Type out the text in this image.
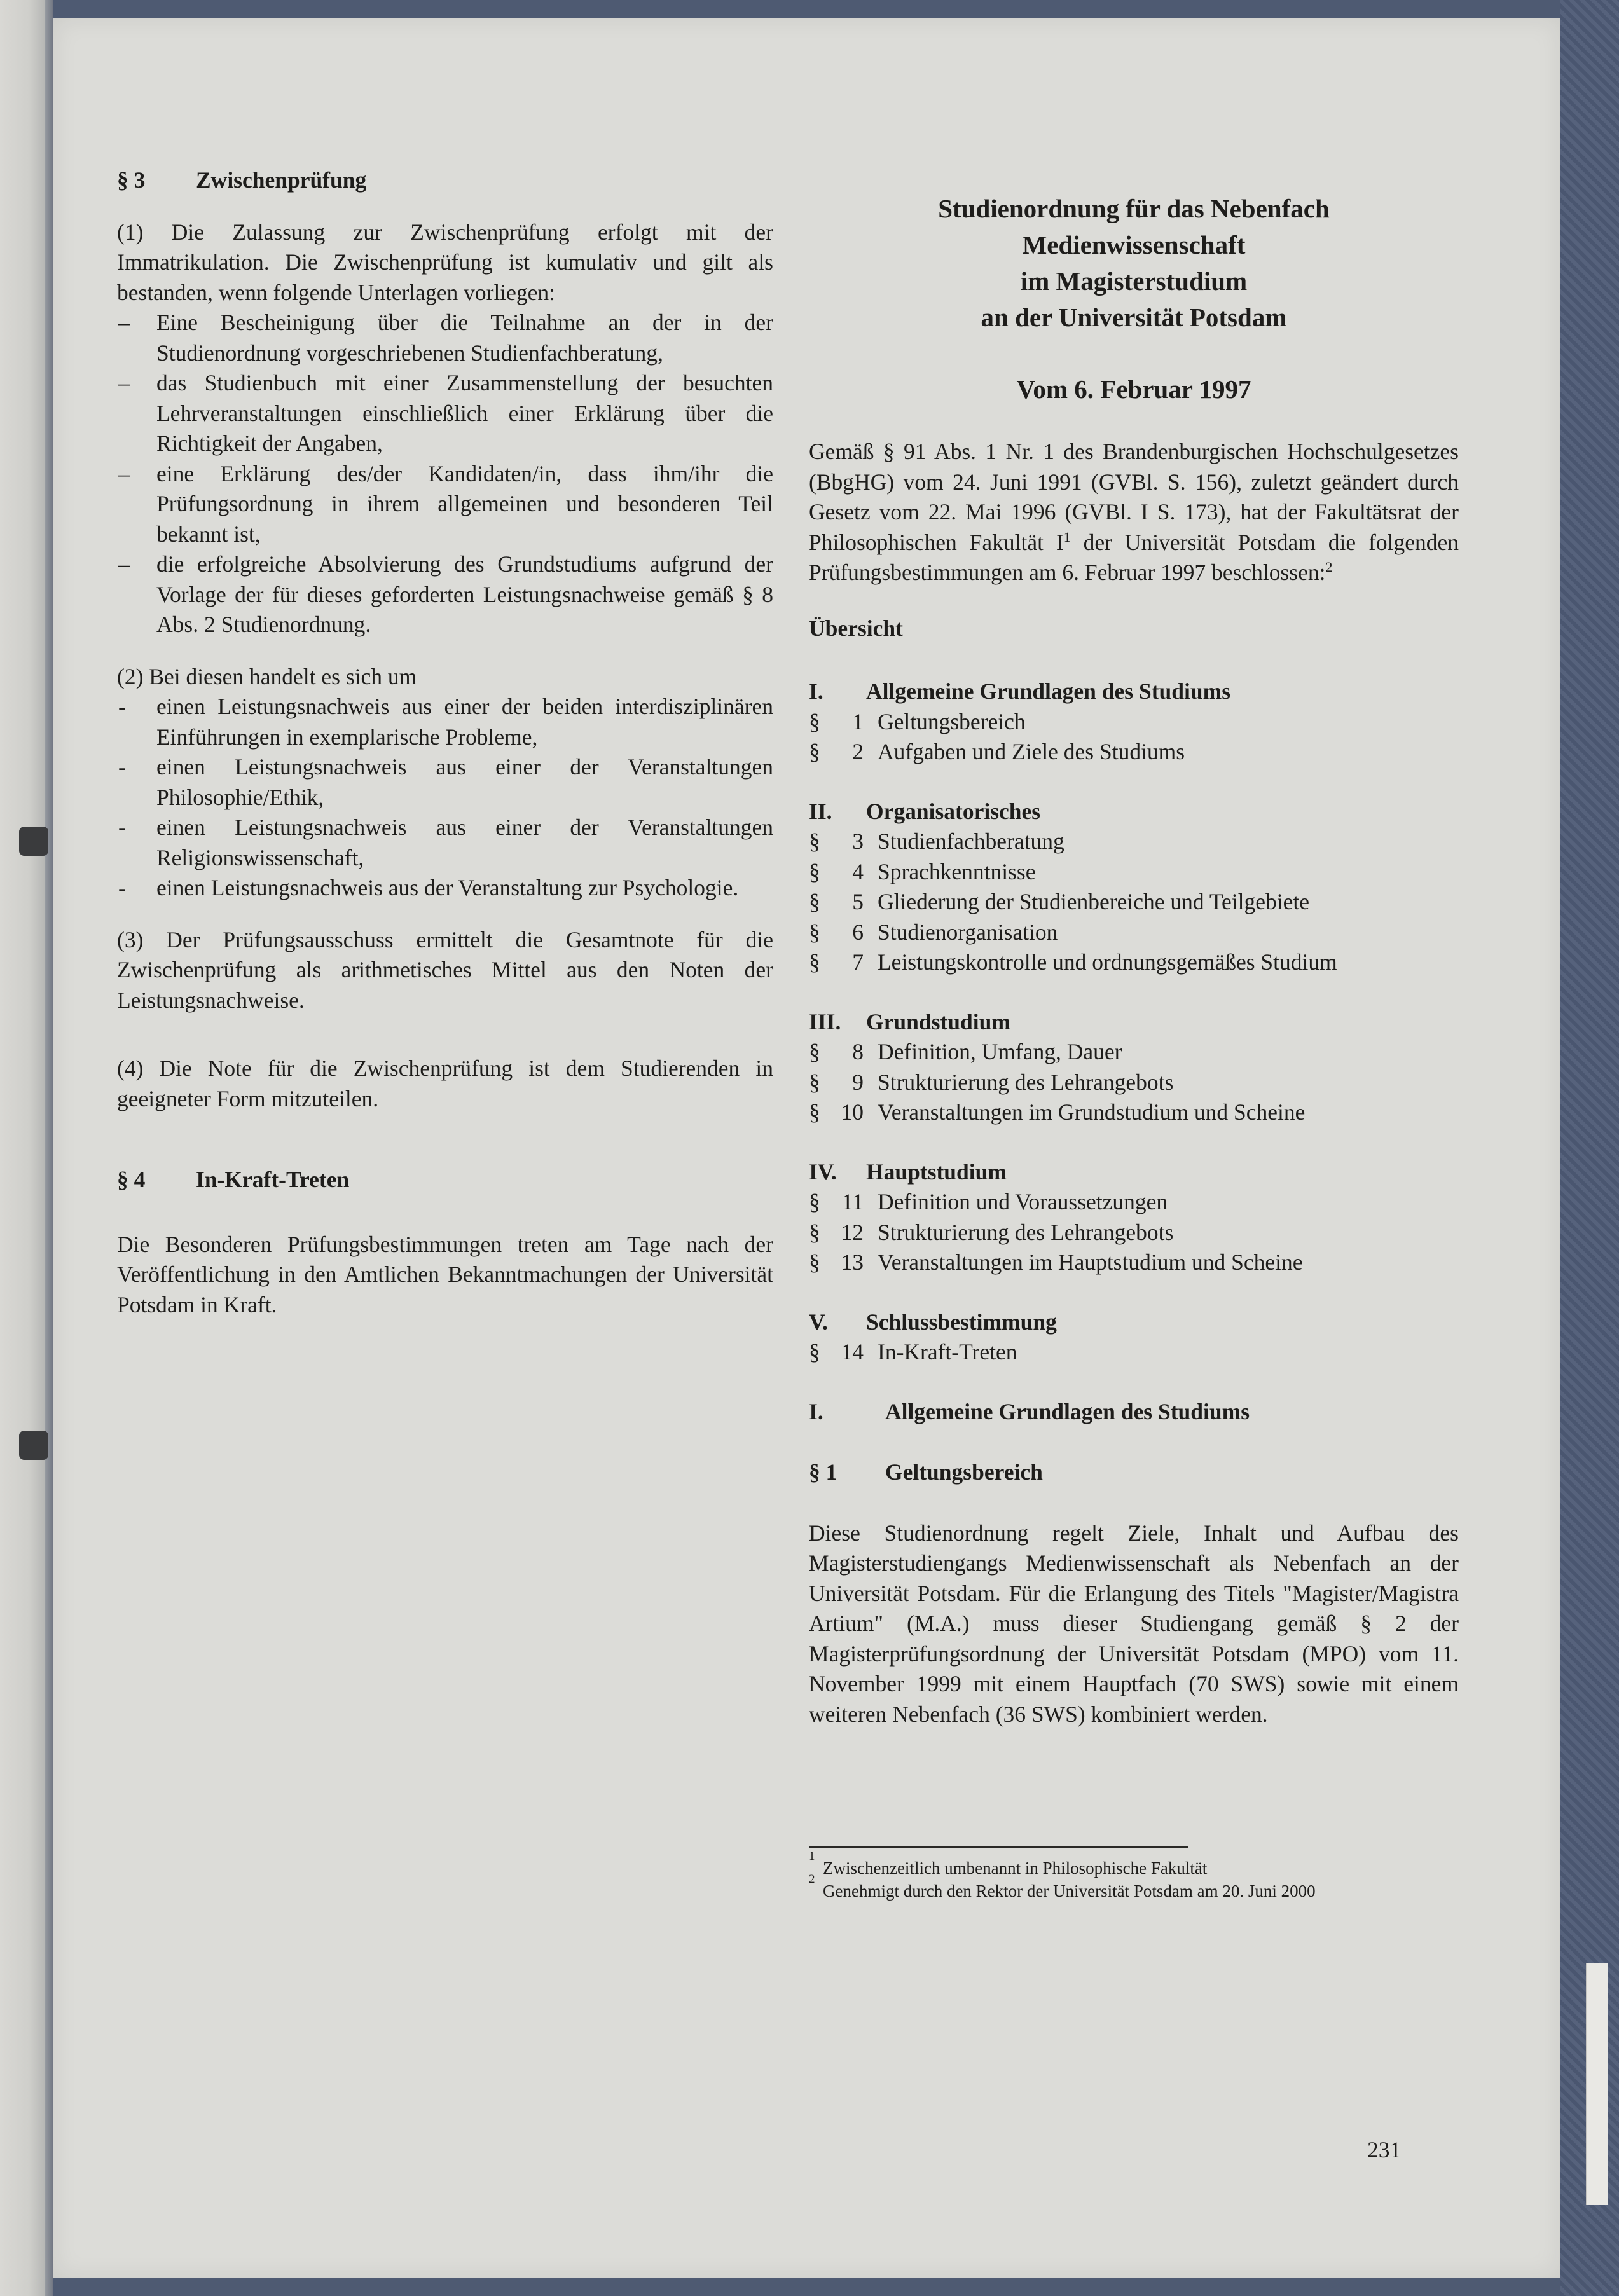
§ 3	Zwischenprüfung

(1) Die Zulassung zur Zwischenprüfung erfolgt mit der Immatrikulation. Die Zwischenprüfung ist kumulativ und gilt als bestanden, wenn folgende Unterlagen vorliegen:

–	Eine Bescheinigung über die Teilnahme an der in der Studienordnung vorgeschriebenen Studienfachberatung,
–	das Studienbuch mit einer Zusammenstellung der besuchten Lehrveranstaltungen einschließlich einer Erklärung über die Richtigkeit der Angaben,
–	eine Erklärung des/der Kandidaten/in, dass ihm/ihr die Prüfungsordnung in ihrem allgemeinen und besonderen Teil bekannt ist,
–	die erfolgreiche Absolvierung des Grundstudiums aufgrund der Vorlage der für dieses geforderten Leistungsnachweise gemäß § 8 Abs. 2 Studienordnung.

(2) Bei diesen handelt es sich um

-	einen Leistungsnachweis aus einer der beiden interdisziplinären Einführungen in exemplarische Probleme,
-	einen Leistungsnachweis aus einer der Veranstaltungen Philosophie/Ethik,
-	einen Leistungsnachweis aus einer der Veranstaltungen Religionswissenschaft,
-	einen Leistungsnachweis aus der Veranstaltung zur Psychologie.

(3) Der Prüfungsausschuss ermittelt die Gesamtnote für die Zwischenprüfung als arithmetisches Mittel aus den Noten der Leistungsnachweise.

(4) Die Note für die Zwischenprüfung ist dem Studierenden in geeigneter Form mitzuteilen.

§ 4	In-Kraft-Treten

Die Besonderen Prüfungsbestimmungen treten am Tage nach der Veröffentlichung in den Amtlichen Bekanntmachungen der Universität Potsdam in Kraft.

Studienordnung für das Nebenfach
Medienwissenschaft
im Magisterstudium
an der Universität Potsdam
Vom 6. Februar 1997

Gemäß § 91 Abs. 1 Nr. 1 des Brandenburgischen Hochschulgesetzes (BbgHG) vom 24. Juni 1991 (GVBl. S. 156), zuletzt geändert durch Gesetz vom 22. Mai 1996 (GVBl. I S. 173), hat der Fakultätsrat der Philosophischen Fakultät $I^1$ der Universität Potsdam die folgenden Prüfungsbestimmungen am 6. Februar 1997 beschlossen:$^2$

Übersicht
I.	Allgemeine Grundlagen des Studiums
§	1 Geltungsbereich
§	2 Aufgaben und Ziele des Studiums
II.	Organisatorisches
§	3 Studienfachberatung
§	4 Sprachkenntnisse
§	5 Gliederung der Studienbereiche und Teilgebiete
§	6 Studienorganisation
§	7 Leistungskontrolle und ordnungsgemäßes Studium
III.	Grundstudium
§	8 Definition, Umfang, Dauer
§	9 Strukturierung des Lehrangebots
§ 10 Veranstaltungen im Grundstudium und Scheine
IV.	Hauptstudium
§ 11 Definition und Voraussetzungen
§ 12 Strukturierung des Lehrangebots
§ 13 Veranstaltungen im Hauptstudium und Scheine
V.	Schlussbestimmung
§ 14 In-Kraft-Treten
I.	Allgemeine Grundlagen des Studiums
§ 1	Geltungsbereich

Diese Studienordnung regelt Ziele, Inhalt und Aufbau des Magisterstudiengangs Medienwissenschaft als Nebenfach an der Universität Potsdam. Für die Erlangung des Titels "Magister/Magistra Artium" (M.A.) muss dieser Studiengang gemäß § 2 der Magisterprüfungsordnung der Universität Potsdam (MPO) vom 11. November 1999 mit einem Hauptfach (70 SWS) sowie mit einem weiteren Nebenfach (36 SWS) kombiniert werden.

1
Zwischenzeitlich umbenannt in Philosophische Fakultät
2
Genehmigt durch den Rektor der Universität Potsdam am 20. Juni 2000
231
